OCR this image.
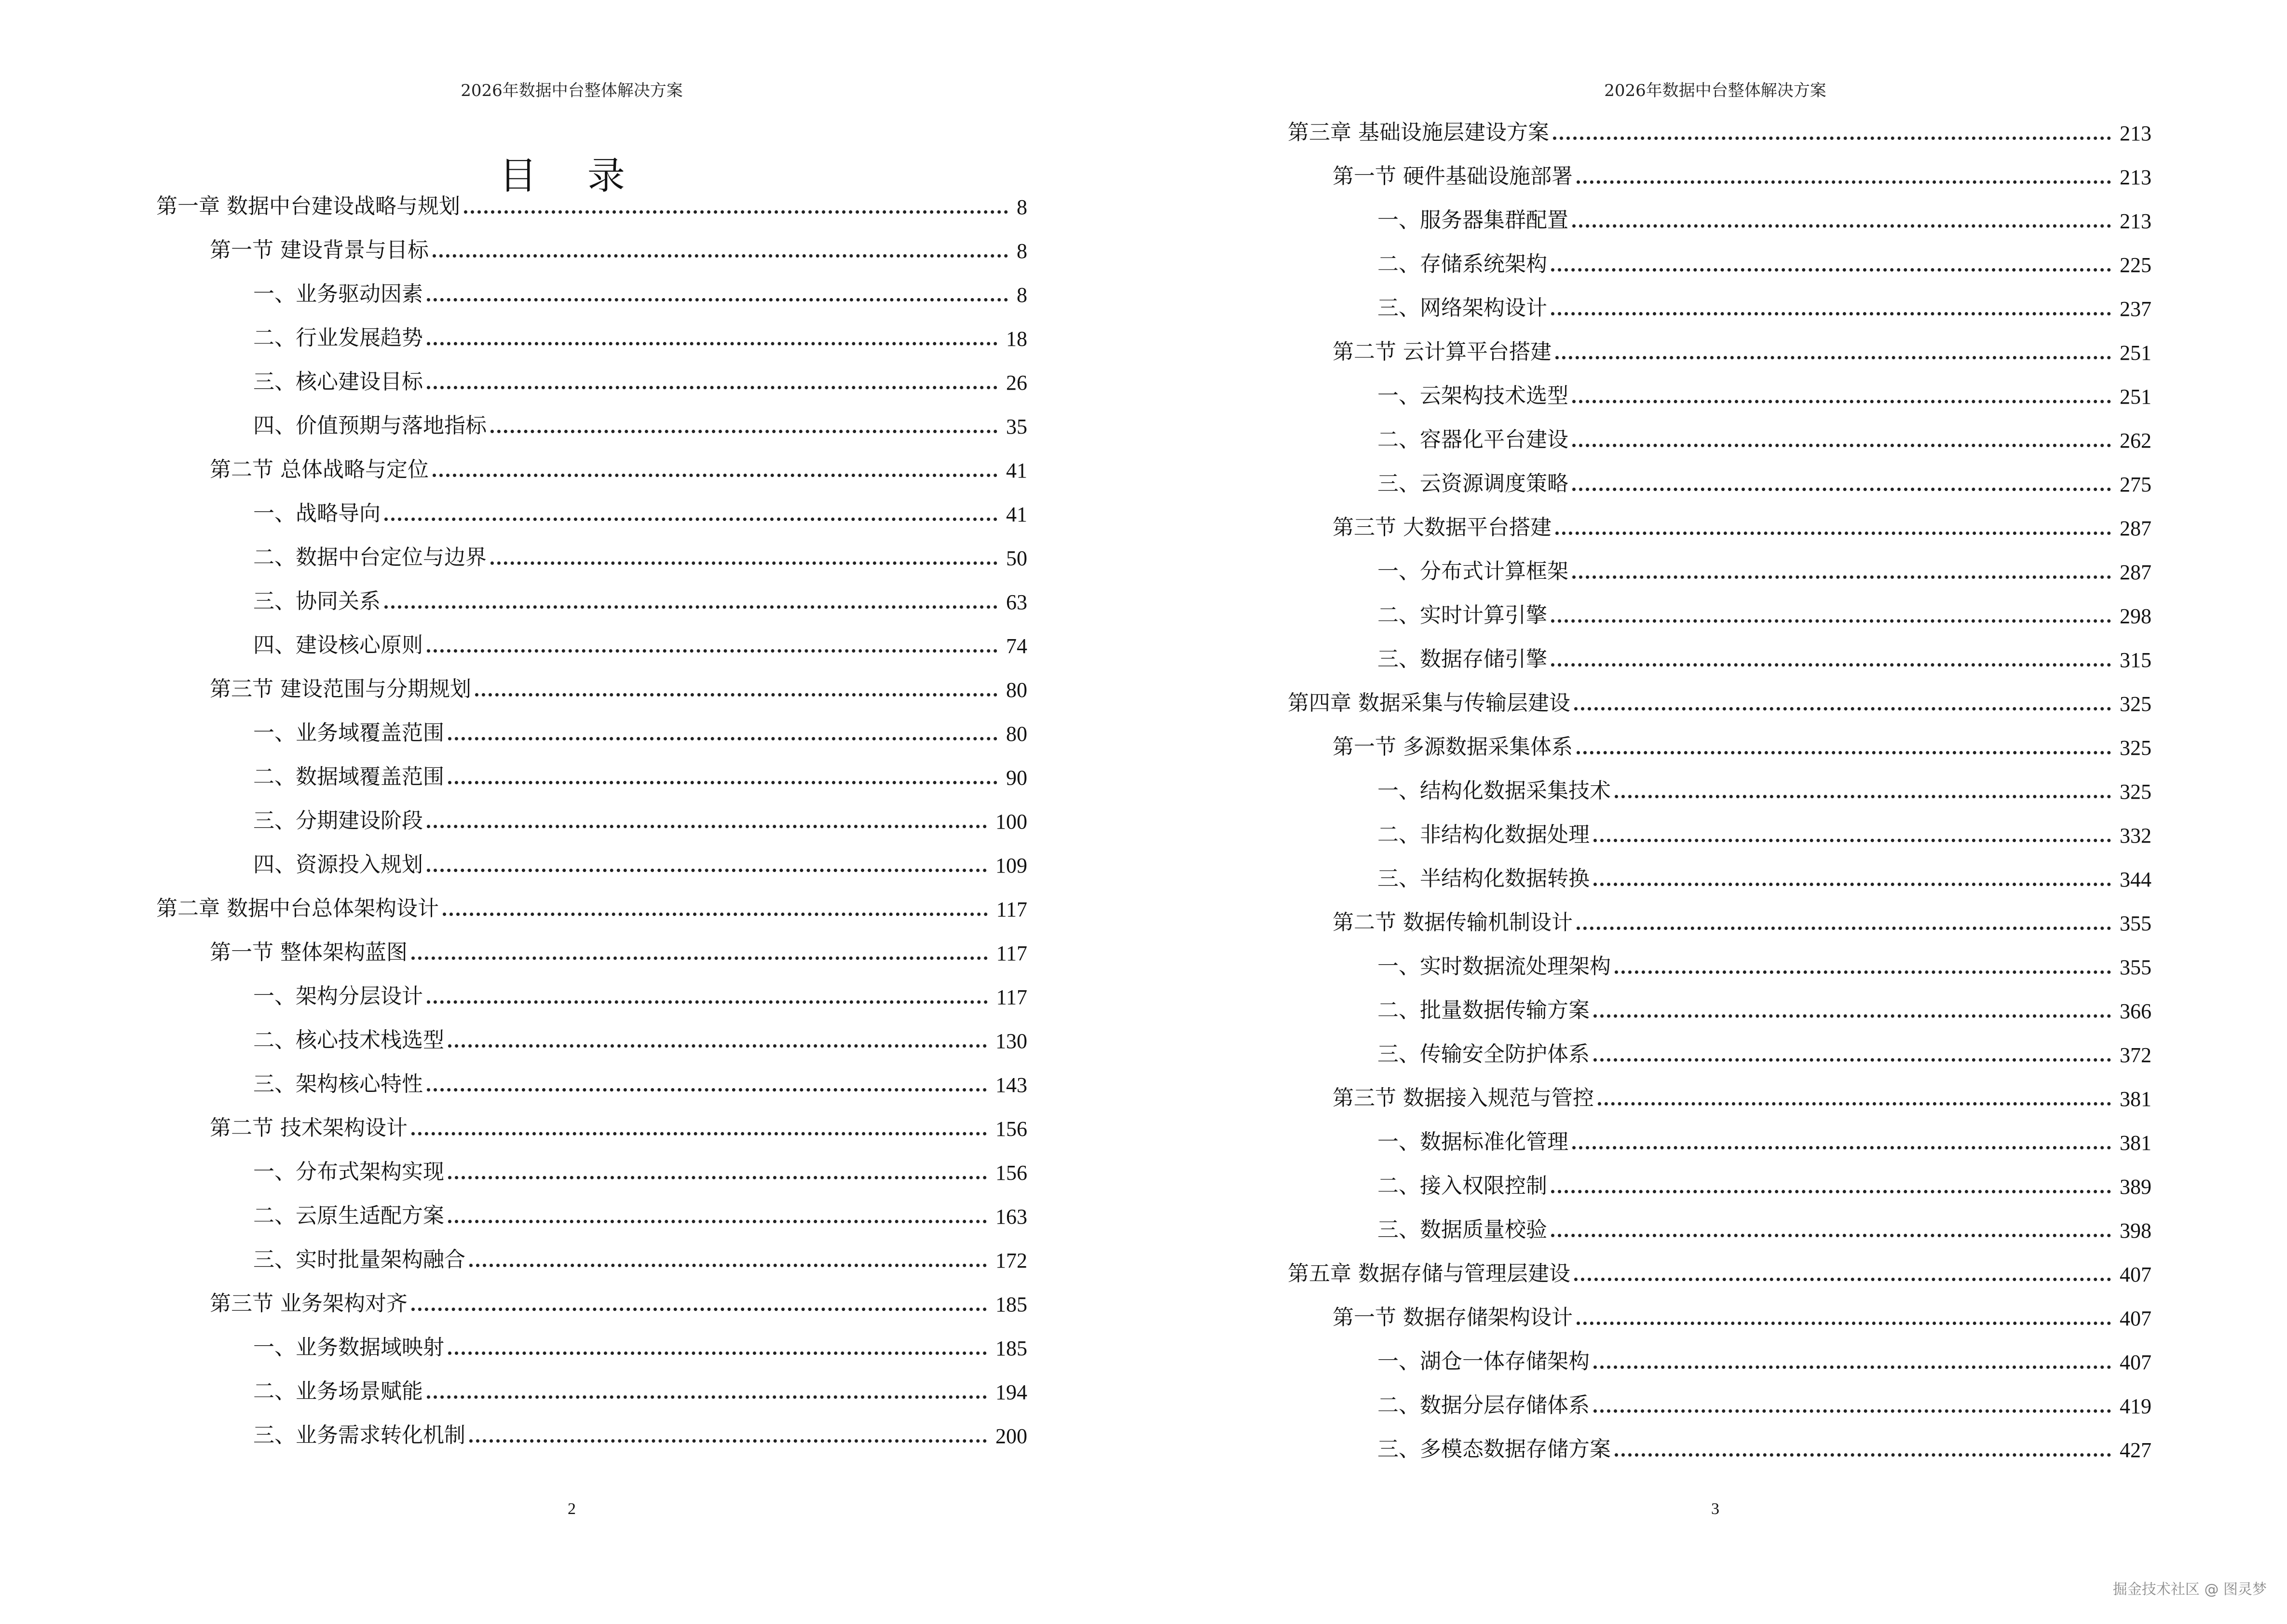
2026年数据中台整体解决方案
目 录
第一章 数据中台建设战略与规划	8
第一节 建设背景与目标	8
一、业务驱动因素	8
二、行业发展趋势	18
三、核心建设目标	26
四、价值预期与落地指标	35
第二节 总体战略与定位	41
一、战略导向	41
二、数据中台定位与边界	50
三、协同关系	63
四、建设核心原则	74
第三节 建设范围与分期规划	80
一、业务域覆盖范围	80
二、数据域覆盖范围	90
三、分期建设阶段	100
四、资源投入规划	109
第二章 数据中台总体架构设计	117
第一节 整体架构蓝图	117
一、架构分层设计	117
二、核心技术栈选型	130
三、架构核心特性	143
第二节 技术架构设计	156
一、分布式架构实现	156
二、云原生适配方案	163
三、实时批量架构融合	172
第三节 业务架构对齐	185
一、业务数据域映射	185
二、业务场景赋能	194
三、业务需求转化机制	200
2
2026年数据中台整体解决方案
第三章 基础设施层建设方案	213
第一节 硬件基础设施部署	213
一、服务器集群配置	213
二、存储系统架构	225
三、网络架构设计	237
第二节 云计算平台搭建	251
一、云架构技术选型	251
二、容器化平台建设	262
三、云资源调度策略	275
第三节 大数据平台搭建	287
一、分布式计算框架	287
二、实时计算引擎	298
三、数据存储引擎	315
第四章 数据采集与传输层建设	325
第一节 多源数据采集体系	325
一、结构化数据采集技术	325
二、非结构化数据处理	332
三、半结构化数据转换	344
第二节 数据传输机制设计	355
一、实时数据流处理架构	355
二、批量数据传输方案	366
三、传输安全防护体系	372
第三节 数据接入规范与管控	381
一、数据标准化管理	381
二、接入权限控制	389
三、数据质量校验	398
第五章 数据存储与管理层建设	407
第一节 数据存储架构设计	407
一、湖仓一体存储架构	407
二、数据分层存储体系	419
三、多模态数据存储方案	427
3
掘金技术社区 @ 图灵梦
